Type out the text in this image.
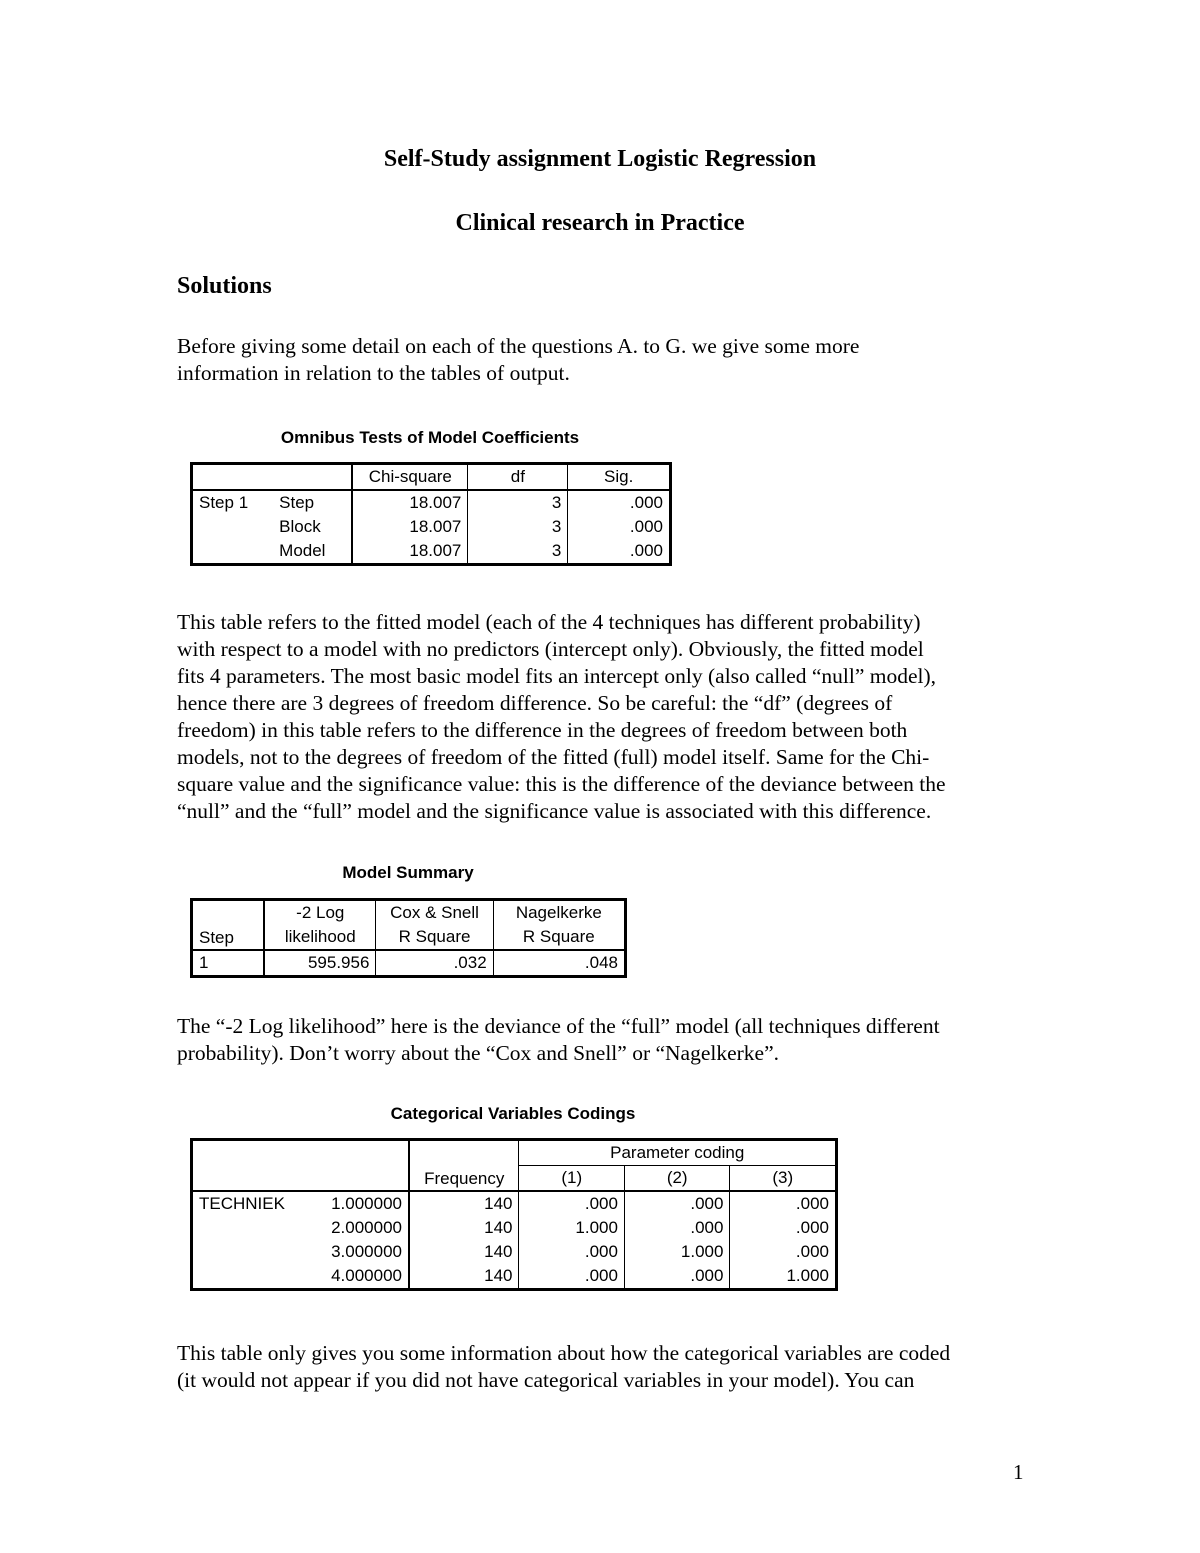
Self-Study assignment Logistic Regression
Clinical research in Practice
Solutions
Before giving some detail on each of the questions A. to G. we give some more
information in relation to the tables of output.
Omnibus Tests of Model Coefficients
		Chi-square	df	Sig.
Step 1	Step	18.007	3	.000
	Block	18.007	3	.000
	Model	18.007	3	.000
This table refers to the fitted model (each of the 4 techniques has different probability)
with respect to a model with no predictors (intercept only). Obviously, the fitted model
fits 4 parameters. The most basic model fits an intercept only (also called “null” model),
hence there are 3 degrees of freedom difference. So be careful: the “df” (degrees of
freedom) in this table refers to the difference in the degrees of freedom between both
models, not to the degrees of freedom of the fitted (full) model itself. Same for the Chi-
square value and the significance value: this is the difference of the deviance between the
“null” and the “full” model and the significance value is associated with this difference.
Model Summary
Step	-2 Log	Cox & Snell	Nagelkerke
	likelihood	R Square	R Square
1	595.956	.032	.048
The “-2 Log likelihood” here is the deviance of the “full” model (all techniques different
probability). Don’t worry about the “Cox and Snell” or “Nagelkerke”.
Categorical Variables Codings
		Frequency	Parameter coding		
			(1)	(2)	(3)
TECHNIEK	1.000000	140	.000	.000	.000
	2.000000	140	1.000	.000	.000
	3.000000	140	.000	1.000	.000
	4.000000	140	.000	.000	1.000
This table only gives you some information about how the categorical variables are coded
(it would not appear if you did not have categorical variables in your model). You can
1
